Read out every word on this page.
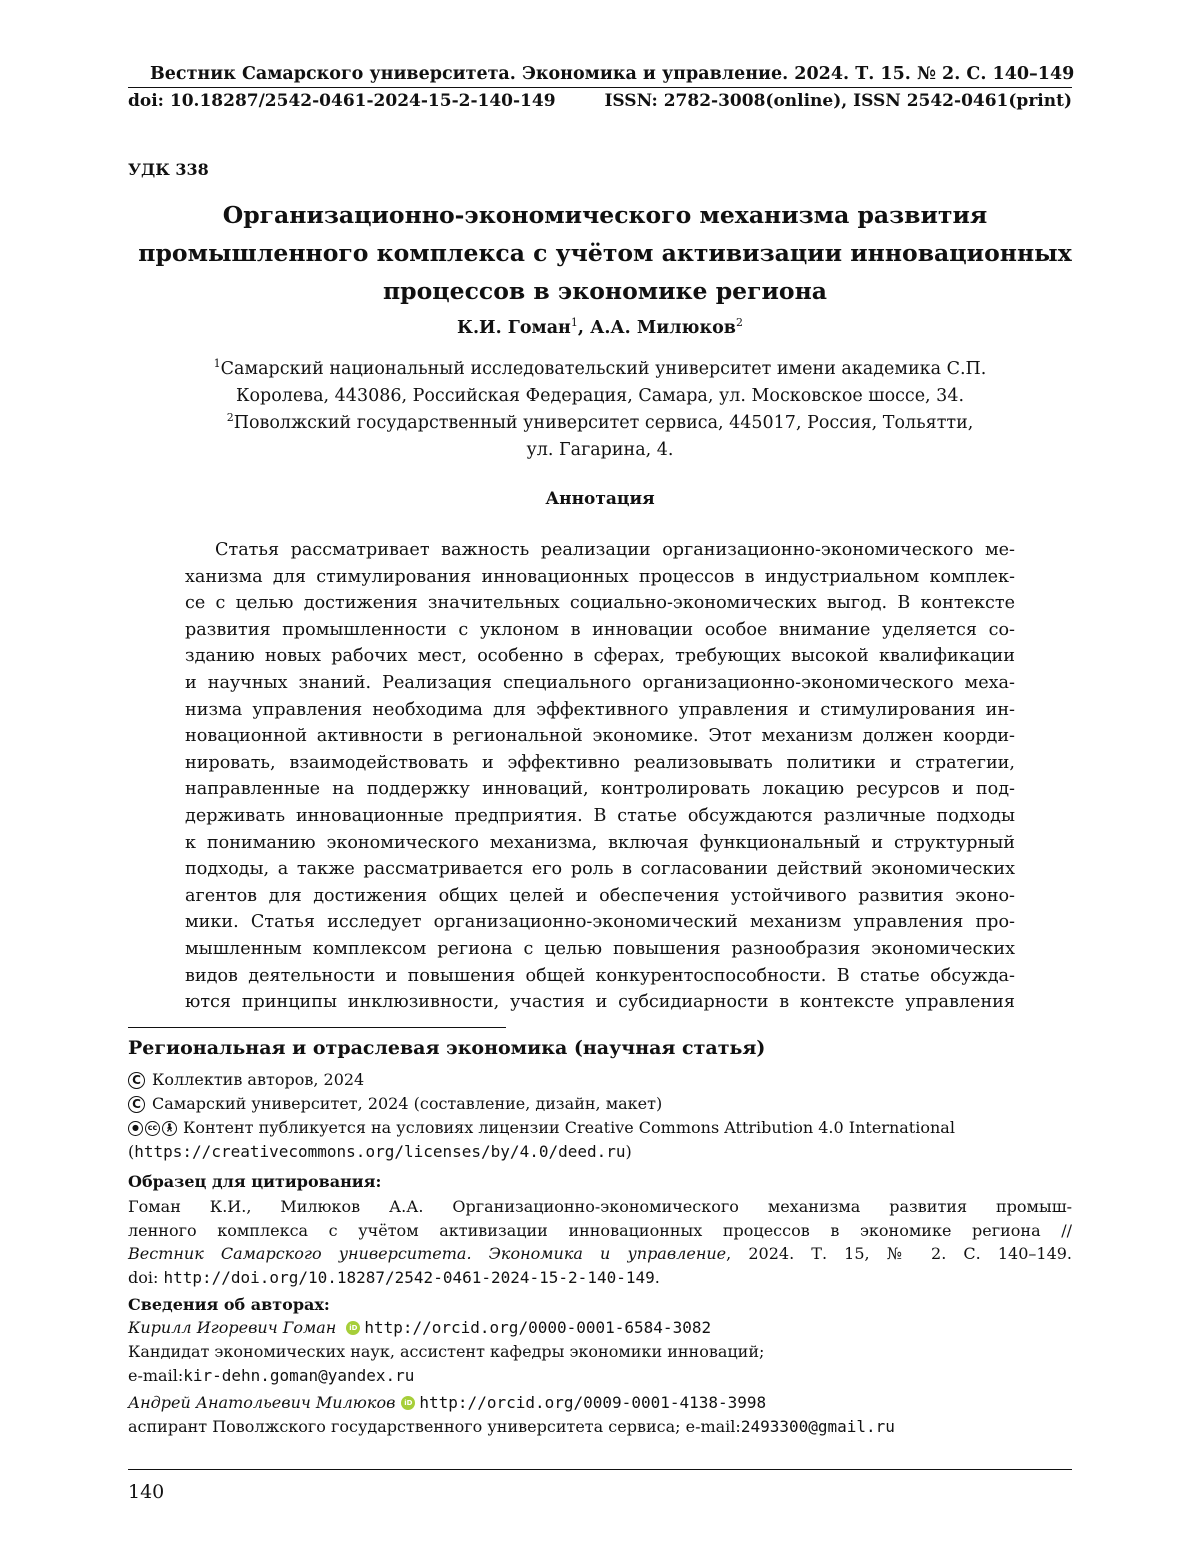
Вестник Самарского университета. Экономика и управление. 2024. Т. 15. № 2. С. 140–149
doi: 10.18287/2542-0461-2024-15-2-140-149	ISSN: 2782-3008(online), ISSN 2542-0461(print)
УДК 338
Организационно-экономического механизма развития
промышленного комплекса с учётом активизации инновационных
процессов в экономике региона
К.И. Гоман$^1$, А.А. Милюков$^2$
$^1$Самарский национальный исследовательский университет имени академика С.П.
Королева, 443086, Российская Федерация, Самара, ул. Московское шоссе, 34.
$^2$Поволжский государственный университет сервиса, 445017, Россия, Тольятти,
ул. Гагарина, 4.
Аннотация
Статья рассматривает важность реализации организационно-экономического ме-
ханизма для стимулирования инновационных процессов в индустриальном комплек-
се с целью достижения значительных социально-экономических выгод. В контексте
развития промышленности с уклоном в инновации особое внимание уделяется со-
зданию новых рабочих мест, особенно в сферах, требующих высокой квалификации
и научных знаний. Реализация специального организационно-экономического меха-
низма управления необходима для эффективного управления и стимулирования ин-
новационной активности в региональной экономике. Этот механизм должен коорди-
нировать, взаимодействовать и эффективно реализовывать политики и стратегии,
направленные на поддержку инноваций, контролировать локацию ресурсов и под-
держивать инновационные предприятия. В статье обсуждаются различные подходы
к пониманию экономического механизма, включая функциональный и структурный
подходы, а также рассматривается его роль в согласовании действий экономических
агентов для достижения общих целей и обеспечения устойчивого развития эконо-
мики. Статья исследует организационно-экономический механизм управления про-
мышленным комплексом региона с целью повышения разнообразия экономических
видов деятельности и повышения общей конкурентоспособности. В статье обсужда-
ются принципы инклюзивности, участия и субсидиарности в контексте управления
Региональная и отраслевая экономика (научная статья)
C Коллектив авторов, 2024
C Самарский университет, 2024 (составление, дизайн, макет)
●	cc 🚶︎ Контент публикуется на условиях лицензии Creative Commons Attribution 4.0 International
( https://creativecommons.org/licenses/by/4.0/deed.ru )
Образец для цитирования:
Гоман К.И., Милюков А.А. Организационно-экономического механизма развития промыш-
ленного комплекса с учётом активизации инновационных процессов в экономике региона //
Вестник Самарского университета. Экономика и управление, 2024. Т. 15, № 2. С. 140–149.
doi: http://doi.org/10.18287/2542-0461-2024-15-2-140-149.
Сведения об авторах:
Кирилл Игоревич Гоман	iD http://orcid.org/0000-0001-6584-3082
Кандидат экономических наук, ассистент кафедры экономики инноваций;
e-mail: kir-dehn.goman@yandex.ru
Андрей Анатольевич Милюков	iD http://orcid.org/0009-0001-4138-3998
аспирант Поволжского государственного университета сервиса; e-mail: 2493300@gmail.ru
140
